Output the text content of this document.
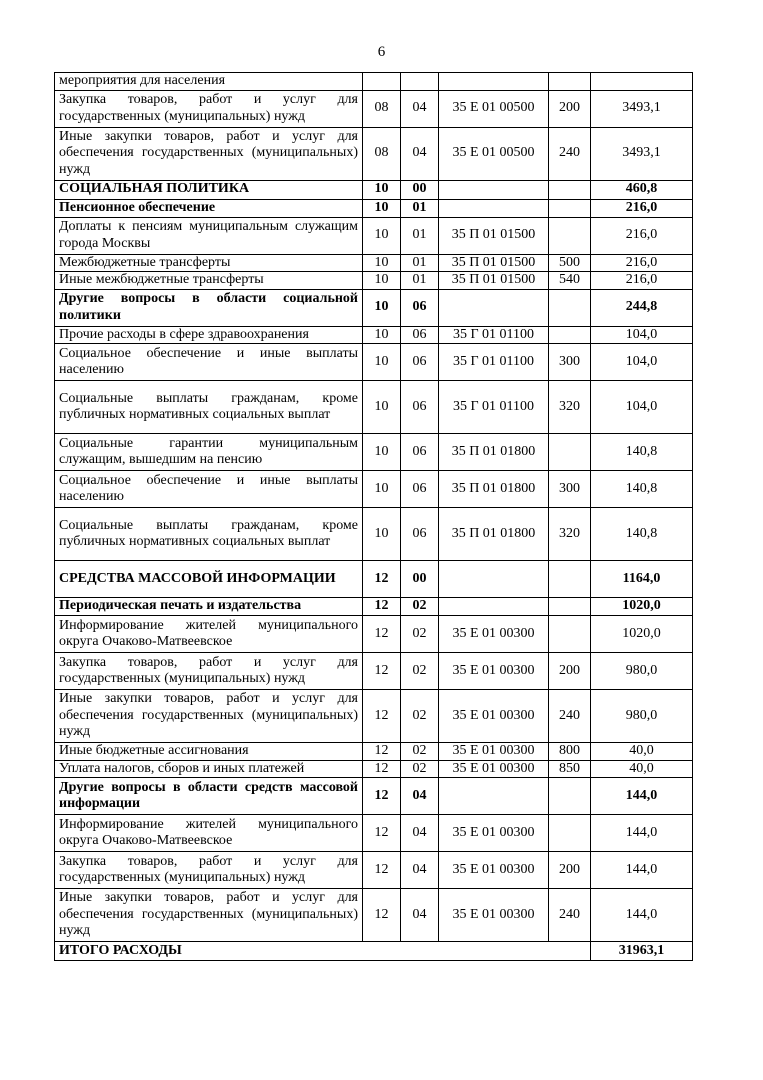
6
мероприятия для населения					
Закупка товаров, работ и услуг для государственных (муниципальных) нужд	08	04	35 Е 01 00500	200	3493,1
Иные закупки товаров, работ и услуг для обеспечения государственных (муниципальных) нужд	08	04	35 Е 01 00500	240	3493,1
СОЦИАЛЬНАЯ ПОЛИТИКА	10	00			460,8
Пенсионное обеспечение	10	01			216,0
Доплаты к пенсиям муниципальным служащим города Москвы	10	01	35 П 01 01500		216,0
Межбюджетные трансферты	10	01	35 П 01 01500	500	216,0
Иные межбюджетные трансферты	10	01	35 П 01 01500	540	216,0
Другие вопросы в области социальной политики	10	06			244,8
Прочие расходы в сфере здравоохранения	10	06	35 Г 01 01100		104,0
Социальное обеспечение и иные выплаты населению	10	06	35 Г 01 01100	300	104,0
Социальные выплаты гражданам, кроме публичных нормативных социальных выплат	10	06	35 Г 01 01100	320	104,0
Социальные гарантии муниципальным служащим, вышедшим на пенсию	10	06	35 П 01 01800		140,8
Социальное обеспечение и иные выплаты населению	10	06	35 П 01 01800	300	140,8
Социальные выплаты гражданам, кроме публичных нормативных социальных выплат	10	06	35 П 01 01800	320	140,8
СРЕДСТВА МАССОВОЙ ИНФОРМАЦИИ	12	00			1164,0
Периодическая печать и издательства	12	02			1020,0
Информирование жителей муниципального округа Очаково-Матвеевское	12	02	35 Е 01 00300		1020,0
Закупка товаров, работ и услуг для государственных (муниципальных) нужд	12	02	35 Е 01 00300	200	980,0
Иные закупки товаров, работ и услуг для обеспечения государственных (муниципальных) нужд	12	02	35 Е 01 00300	240	980,0
Иные бюджетные ассигнования	12	02	35 Е 01 00300	800	40,0
Уплата налогов, сборов и иных платежей	12	02	35 Е 01 00300	850	40,0
Другие вопросы в области средств массовой информации	12	04			144,0
Информирование жителей муниципального округа Очаково-Матвеевское	12	04	35 Е 01 00300		144,0
Закупка товаров, работ и услуг для государственных (муниципальных) нужд	12	04	35 Е 01 00300	200	144,0
Иные закупки товаров, работ и услуг для обеспечения государственных (муниципальных) нужд	12	04	35 Е 01 00300	240	144,0
ИТОГО РАСХОДЫ					31963,1
